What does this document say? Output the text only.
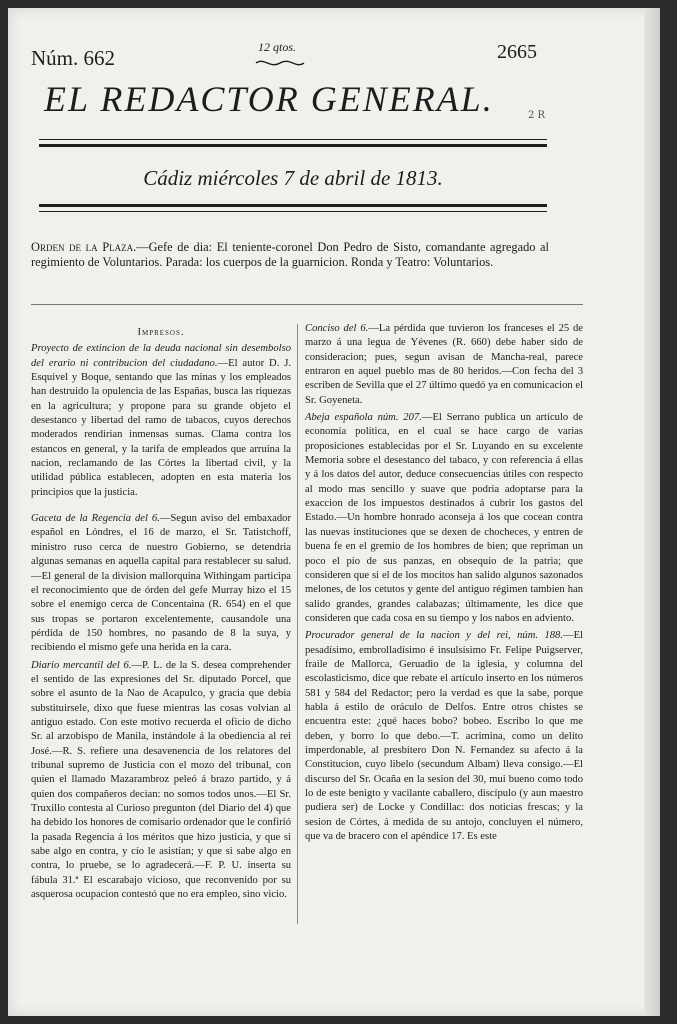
Núm. 662	12 qtos.	2665
EL REDACTOR GENERAL.	2 R
Cádiz miércoles 7 de abril de 1813.
Orden de la Plaza.—Gefe de dia: El teniente-coronel Don Pedro de Sisto, comandante agregado al regimiento de Voluntarios. Parada: los cuerpos de la guarnicion. Ronda y Teatro: Voluntarios.
Impresos.

Proyecto de extincion de la deuda nacional sin desembolso del erario ni contribucion del ciudadano.—El autor D. J. Esquivel y Boque, sentando que las minas y los empleados han destruido la opulencia de las Españas, busca las riquezas en la agricultura; y propone para su grande objeto el desestanco y libertad del ramo de tabacos, cuyos derechos moderados rendirian inmensas sumas. Clama contra los estancos en general, y la tarifa de empleados que arruina la nacion, reclamando de las Córtes la libertad civil, y la utilidad pública establecen, adopten en esta materia los principios que la justicia.

Gaceta de la Regencia del 6.—Segun aviso del embaxador español en Lóndres, el 16 de marzo, el Sr. Tatistchoff, ministro ruso cerca de nuestro Gobierno, se detendria algunas semanas en aquella capital para restablecer su salud.—El general de la division mallorquina Withingam participa el reconocimiento que de órden del gefe Murray hizo el 15 sobre el enemigo cerca de Concentaina (R. 654) en el que sus tropas se portaron excelentemente, causandole una pérdida de 150 hombres, no pasando de 8 la suya, y recibiendo el mismo gefe una herida en la cara.

Diario mercantil del 6.—P. L. de la S. desea comprehender el sentido de las expresiones del Sr. diputado Porcel, que sobre el asunto de la Nao de Acapulco, y gracia que debia substituirsele, dixo que fuese mientras las cosas volvian al antiguo estado. Con este motivo recuerda el oficio de dicho Sr. al arzobispo de Manila, instándole á la obediencia al rei José.—R. S. refiere una desavenencia de los relatores del tribunal supremo de Justicia con el mozo del tribunal, con quien el llamado Mazarambroz peleó á brazo partido, y á quien dos compañeros decian: no somos todos unos.—El Sr. Truxillo contesta al Curioso pregunton (del Diario del 4) que ha debido los honores de comisario ordenador que le confirió la pasada Regencia á los méritos que hizo justicia, y que si sabe algo en contra, y cío le asistían; y que si sabe algo en contra, lo pruebe, se lo agradecerá.—F. P. U. inserta su fábula 31.ª El escarabajo vicioso, que reconvenido por su asquerosa ocupacion contestó que no era empleo, sino vicio.

Conciso del 6.—La pérdida que tuvieron los franceses el 25 de marzo á una legua de Yévenes (R. 660) debe haber sido de consideracion; pues, segun avisan de Mancha-real, parece entraron en aquel pueblo mas de 80 heridos.—Con fecha del 3 escriben de Sevilla que el 27 último quedó ya en comunicacion el Sr. Goyeneta.

Abeja española núm. 207.—El Serrano publica un artículo de economía política, en el cual se hace cargo de varias proposiciones establecidas por el Sr. Luyando en su excelente Memoria sobre el desestanco del tabaco, y con referencia á ellas y á los datos del autor, deduce consecuencias útiles con respecto al modo mas sencillo y suave que podria adoptarse para la exaccion de los impuestos destinados á cubrir los gastos del Estado.—Un hombre honrado aconseja á los que cocean contra las nuevas instituciones que se dexen de chocheces, y entren de buena fe en el gremio de los hombres de bien; que repriman un poco el pio de sus panzas, en obsequio de la patria; que consideren que si el de los mocitos han salido algunos sazonados melones, de los cetutos y gente del antiguo régimen tambien han salido grandes, grandes calabazas; últimamente, les dice que consideren que cada cosa en su tiempo y los nabos en adviento.

Procurador general de la nacion y del rei, núm. 188.—El pesadísimo, embrolladísimo é insulsísimo Fr. Felipe Puigserver, fraile de Mallorca, Geruadio de la iglesia, y columna del escolasticismo, dice que rebate el artículo inserto en los números 581 y 584 del Redactor; pero la verdad es que la sabe, porque habla á estilo de oráculo de Delfos. Entre otros chistes se encuentra este: ¿qué haces bobo? bobeo. Escribo lo que me deben, y borro lo que debo.—T. acrimina, como un delito imperdonable, al presbítero Don N. Fernandez su afecto á la Constitucion, cuyo libelo (secundum Albam) lleva consigo.—El discurso del Sr. Ocaña en la sesion del 30, mui bueno como todo lo de este benigto y vacilante caballero, discípulo (y aun maestro pudiera ser) de Locke y Condillac: dos noticias frescas; y la sesion de Córtes, á medida de su antojo, concluyen el número, que va de bracero con el apéndice 17. Es este
